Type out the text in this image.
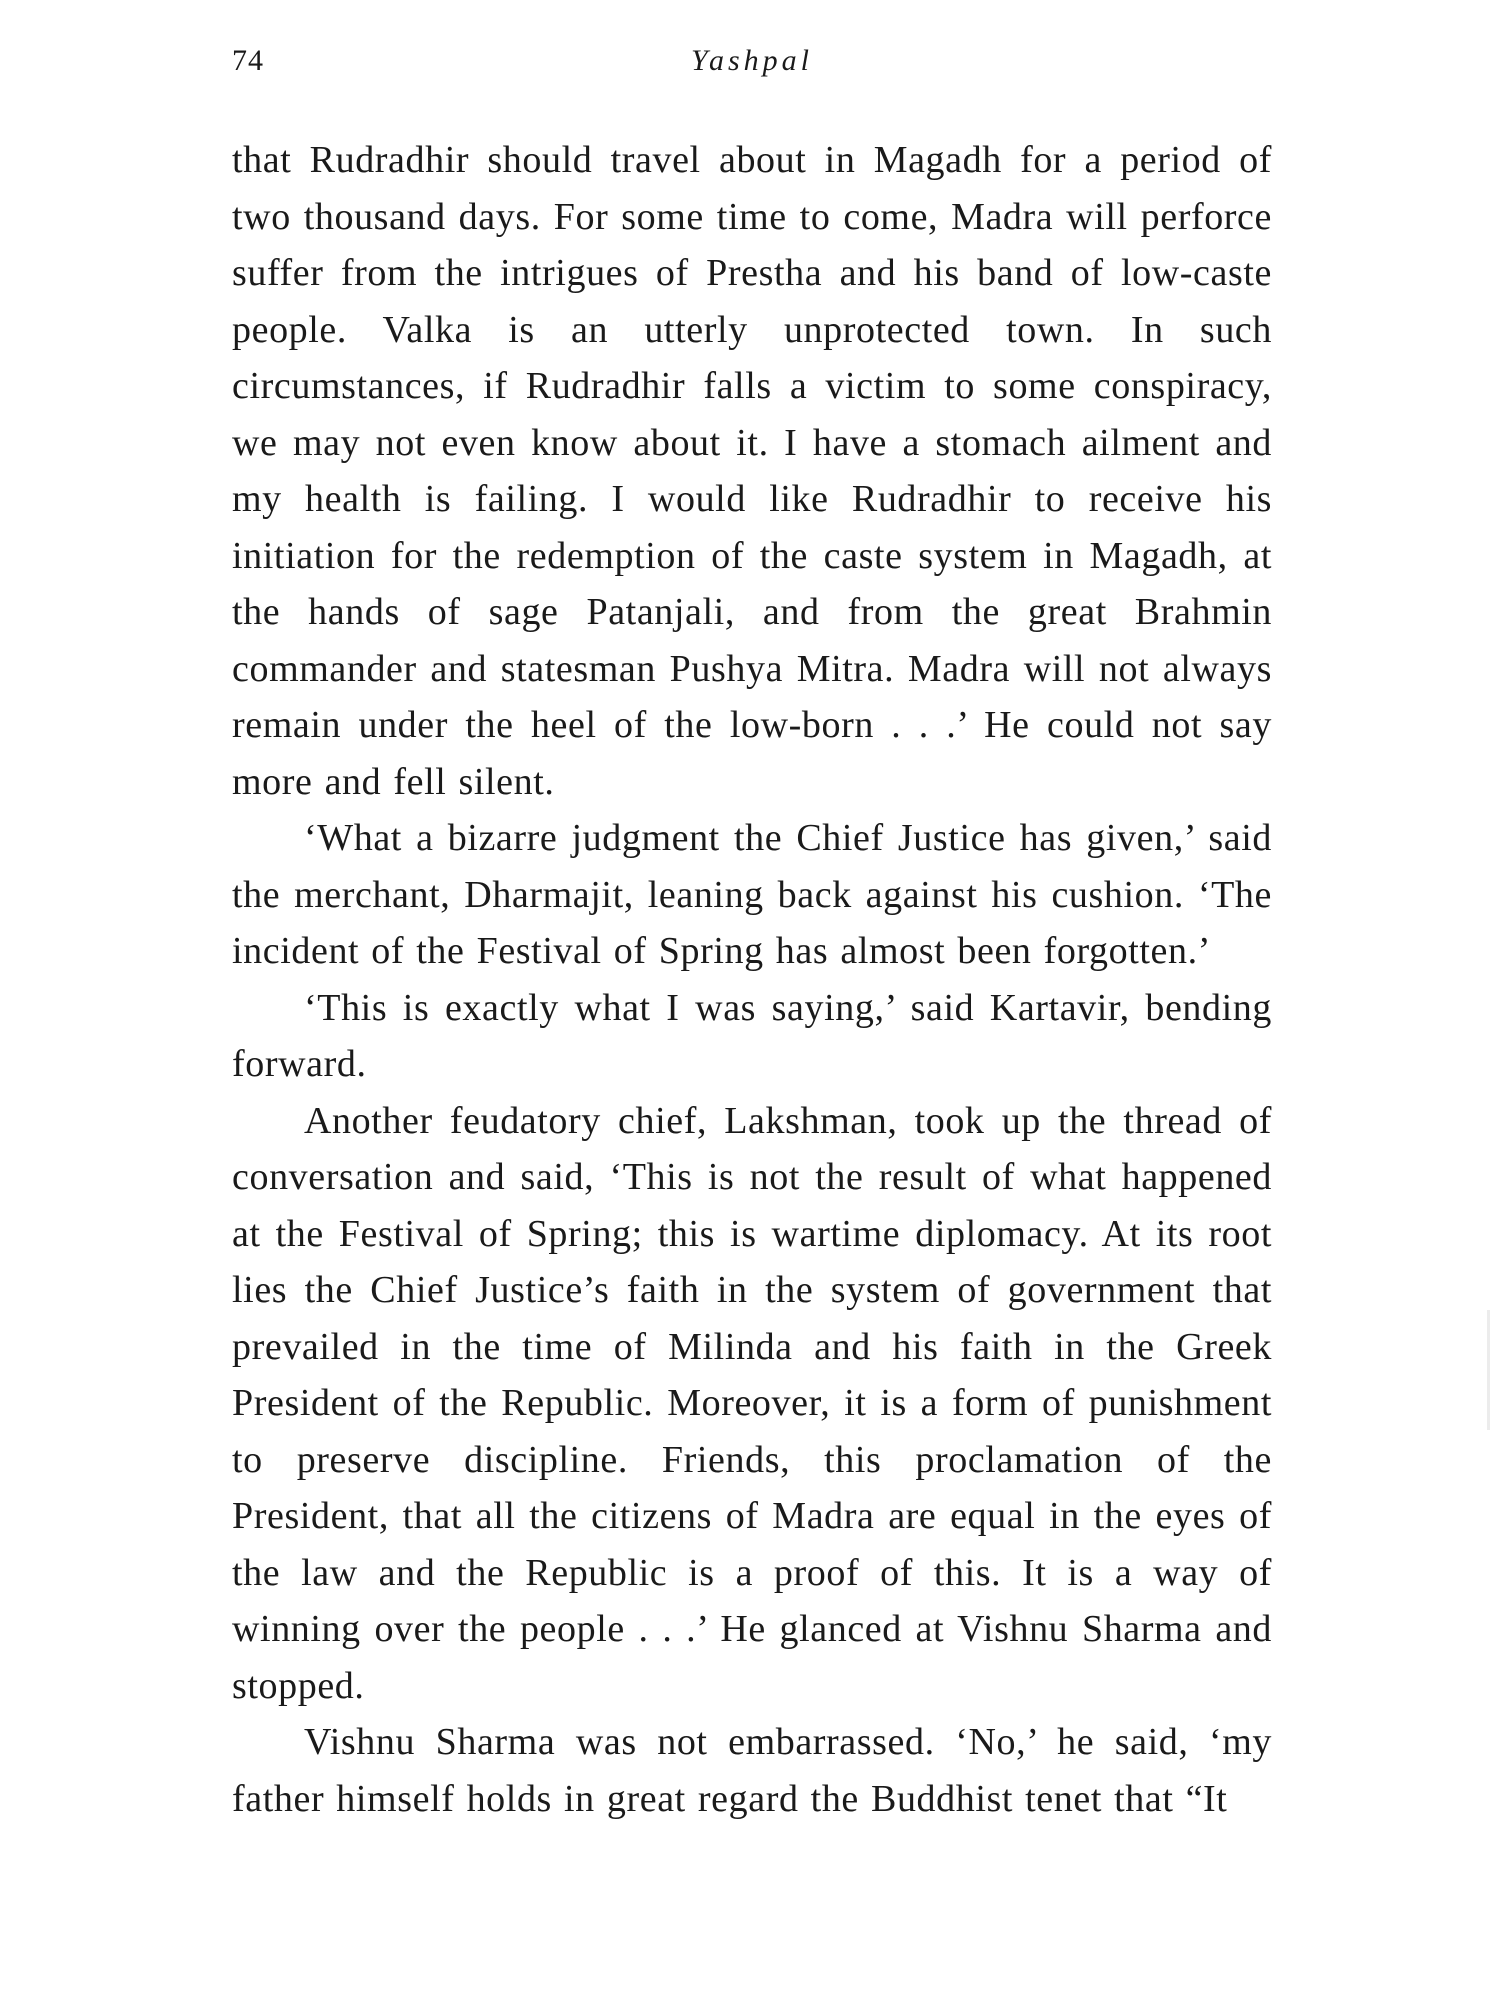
74	Yashpal

that Rudradhir should travel about in Magadh for a period of two thousand days. For some time to come, Madra will perforce suffer from the intrigues of Prestha and his band of low-caste people. Valka is an utterly unprotected town. In such circumstances, if Rudradhir falls a victim to some conspiracy, we may not even know about it. I have a stomach ailment and my health is failing. I would like Rudradhir to receive his initiation for the redemption of the caste system in Magadh, at the hands of sage Patanjali, and from the great Brahmin commander and statesman Pushya Mitra. Madra will not always remain under the heel of the low-born . . .’ He could not say more and fell silent.

‘What a bizarre judgment the Chief Justice has given,’ said the merchant, Dharmajit, leaning back against his cushion. ‘The incident of the Festival of Spring has almost been forgotten.’

‘This is exactly what I was saying,’ said Kartavir, bending forward.

Another feudatory chief, Lakshman, took up the thread of conversation and said, ‘This is not the result of what happened at the Festival of Spring; this is wartime diplomacy. At its root lies the Chief Justice’s faith in the system of government that prevailed in the time of Milinda and his faith in the Greek President of the Republic. Moreover, it is a form of punishment to preserve discipline. Friends, this proclamation of the President, that all the citizens of Madra are equal in the eyes of the law and the Republic is a proof of this. It is a way of winning over the people . . .’ He glanced at Vishnu Sharma and stopped.

Vishnu Sharma was not embarrassed. ‘No,’ he said, ‘my father himself holds in great regard the Buddhist tenet that “It
